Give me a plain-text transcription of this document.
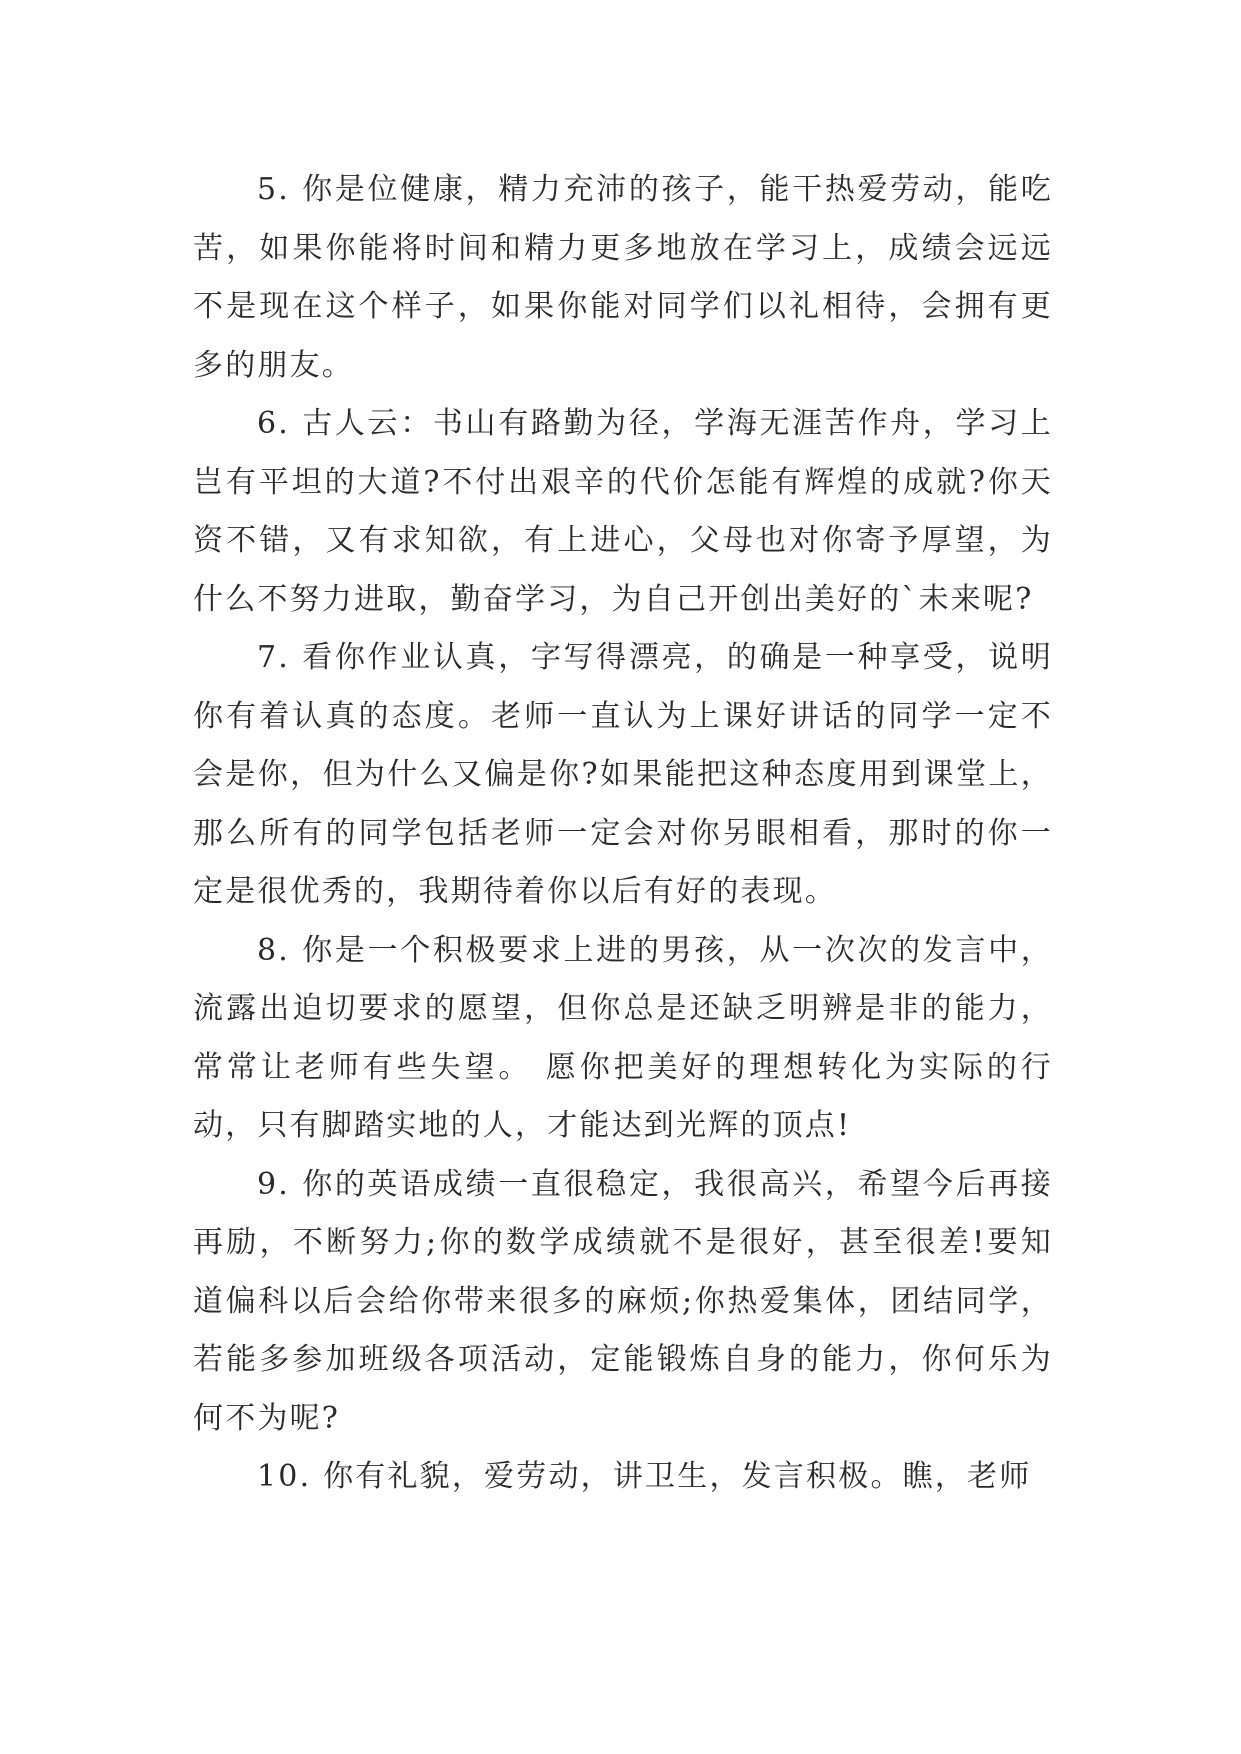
5. 你是位健康，精力充沛的孩子，能干热爱劳动，能吃苦，如果你能将时间和精力更多地放在学习上，成绩会远远不是现在这个样子，如果你能对同学们以礼相待，会拥有更多的朋友。

6. 古人云：书山有路勤为径，学海无涯苦作舟，学习上岂有平坦的大道?不付出艰辛的代价怎能有辉煌的成就?你天资不错，又有求知欲，有上进心，父母也对你寄予厚望，为什么不努力进取，勤奋学习，为自己开创出美好的`未来呢?

7. 看你作业认真，字写得漂亮，的确是一种享受，说明你有着认真的态度。老师一直认为上课好讲话的同学一定不会是你，但为什么又偏是你?如果能把这种态度用到课堂上，那么所有的同学包括老师一定会对你另眼相看，那时的你一定是很优秀的，我期待着你以后有好的表现。

8. 你是一个积极要求上进的男孩，从一次次的发言中，流露出迫切要求的愿望，但你总是还缺乏明辨是非的能力，常常让老师有些失望。 愿你把美好的理想转化为实际的行动，只有脚踏实地的人，才能达到光辉的顶点!

9. 你的英语成绩一直很稳定，我很高兴，希望今后再接再励，不断努力;你的数学成绩就不是很好，甚至很差!要知道偏科以后会给你带来很多的麻烦;你热爱集体，团结同学，若能多参加班级各项活动，定能锻炼自身的能力，你何乐为何不为呢?

10. 你有礼貌，爱劳动，讲卫生，发言积极。瞧，老师
